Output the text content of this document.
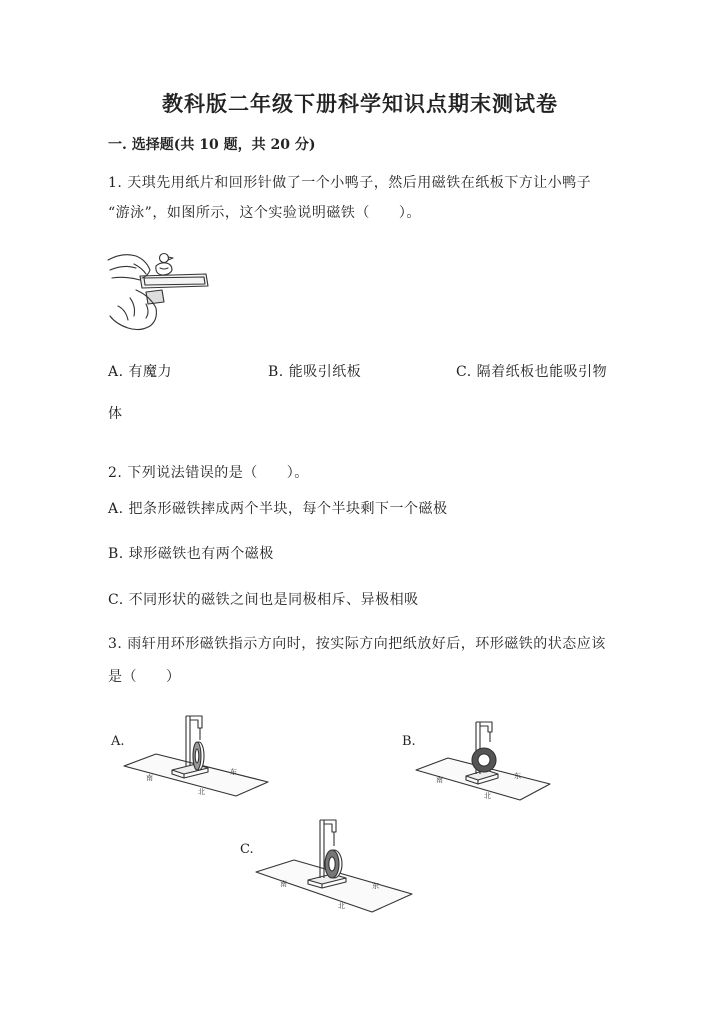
教科版二年级下册科学知识点期末测试卷
一. 选择题(共 10 题，共 20 分)
1. 天琪先用纸片和回形针做了一个小鸭子，然后用磁铁在纸板下方让小鸭子
“游泳”，如图所示，这个实验说明磁铁（　　）。
A. 有魔力	B. 能吸引纸板	C. 隔着纸板也能吸引物
体
2. 下列说法错误的是（　　）。
A. 把条形磁铁摔成两个半块，每个半块剩下一个磁极
B. 球形磁铁也有两个磁极
C. 不同形状的磁铁之间也是同极相斥、异极相吸
3. 雨轩用环形磁铁指示方向时，按实际方向把纸放好后，环形磁铁的状态应该
是（　　）
A.	B.
C.
南
东
北
南	东
北
南	东
北
